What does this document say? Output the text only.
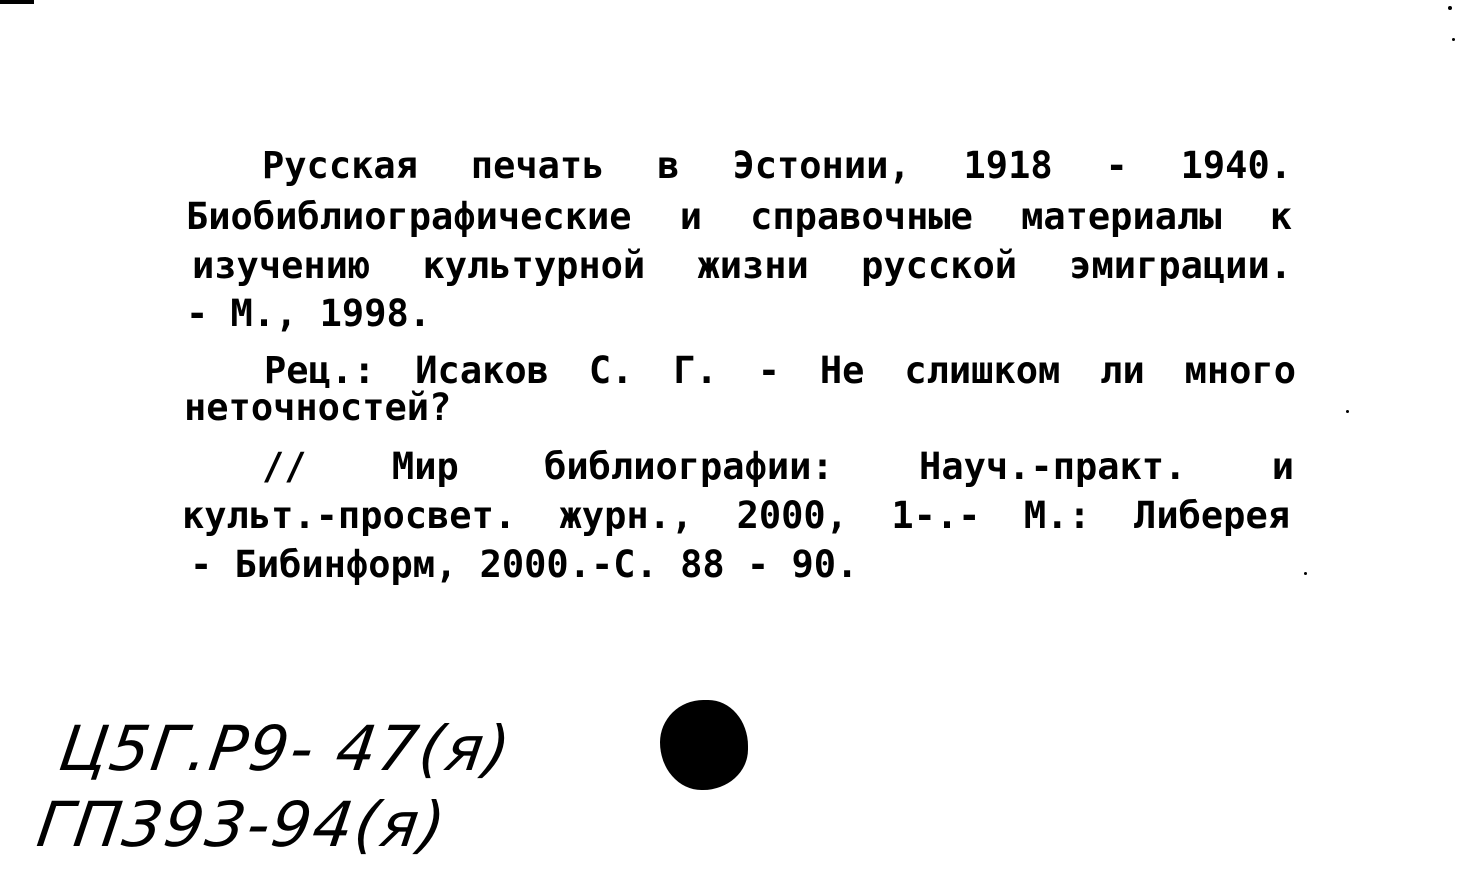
Русская печать в Эстонии, 1918 - 1940.
Биобиблиографические и справочные материалы к
изучению культурной жизни русской эмиграции.
- М., 1998.
Рец.: Исаков С. Г. - Не слишком ли много
неточностей?
// Мир библиографии: Науч.-практ. и
культ.-просвет. журн., 2000, 1-.- М.: Либерея
- Бибинформ, 2000.-С. 88 - 90.
Ц5Г.Р9- 47(я)
ГП393-94(я)
